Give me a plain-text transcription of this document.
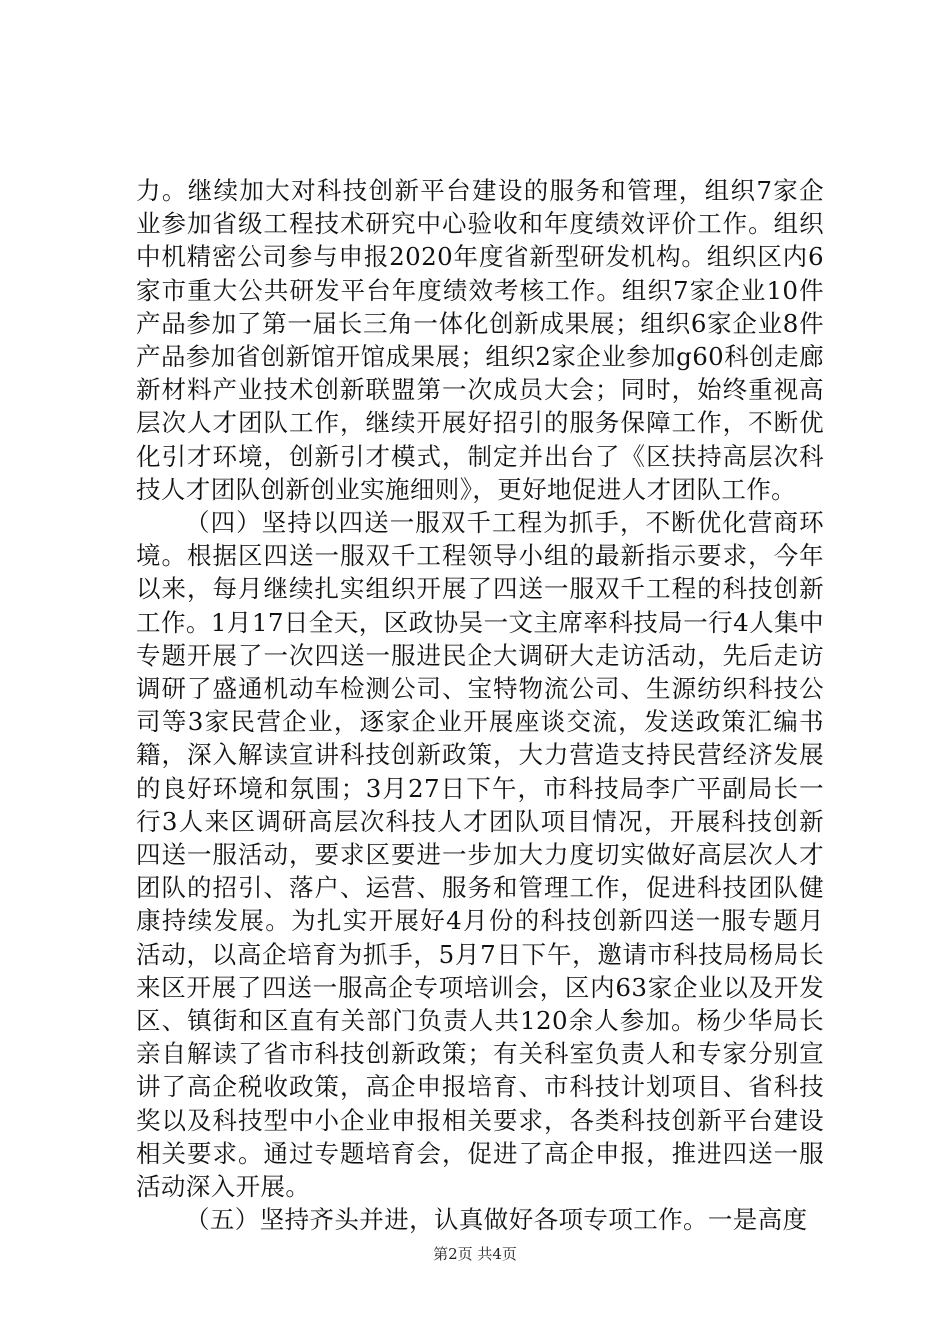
力。继续加大对科技创新平台建设的服务和管理，组织7家企业参加省级工程技术研究中心验收和年度绩效评价工作。组织中机精密公司参与申报2020年度省新型研发机构。组织区内6家市重大公共研发平台年度绩效考核工作。组织7家企业10件产品参加了第一届长三角一体化创新成果展；组织6家企业8件产品参加省创新馆开馆成果展；组织2家企业参加g60科创走廊新材料产业技术创新联盟第一次成员大会；同时，始终重视高层次人才团队工作，继续开展好招引的服务保障工作，不断优化引才环境，创新引才模式，制定并出台了《区扶持高层次科技人才团队创新创业实施细则》，更好地促进人才团队工作。

（四）坚持以四送一服双千工程为抓手，不断优化营商环境。根据区四送一服双千工程领导小组的最新指示要求，今年以来，每月继续扎实组织开展了四送一服双千工程的科技创新工作。1月17日全天，区政协吴一文主席率科技局一行4人集中专题开展了一次四送一服进民企大调研大走访活动，先后走访调研了盛通机动车检测公司、宝特物流公司、生源纺织科技公司等3家民营企业，逐家企业开展座谈交流，发送政策汇编书籍，深入解读宣讲科技创新政策，大力营造支持民营经济发展的良好环境和氛围；3月27日下午，市科技局李广平副局长一行3人来区调研高层次科技人才团队项目情况，开展科技创新四送一服活动，要求区要进一步加大力度切实做好高层次人才团队的招引、落户、运营、服务和管理工作，促进科技团队健康持续发展。为扎实开展好4月份的科技创新四送一服专题月活动，以高企培育为抓手，5月7日下午，邀请市科技局杨局长来区开展了四送一服高企专项培训会，区内63家企业以及开发区、镇街和区直有关部门负责人共120余人参加。杨少华局长亲自解读了省市科技创新政策；有关科室负责人和专家分别宣讲了高企税收政策，高企申报培育、市科技计划项目、省科技奖以及科技型中小企业申报相关要求，各类科技创新平台建设相关要求。通过专题培育会，促进了高企申报，推进四送一服活动深入开展。

（五）坚持齐头并进，认真做好各项专项工作。一是高度

第2页 共4页
